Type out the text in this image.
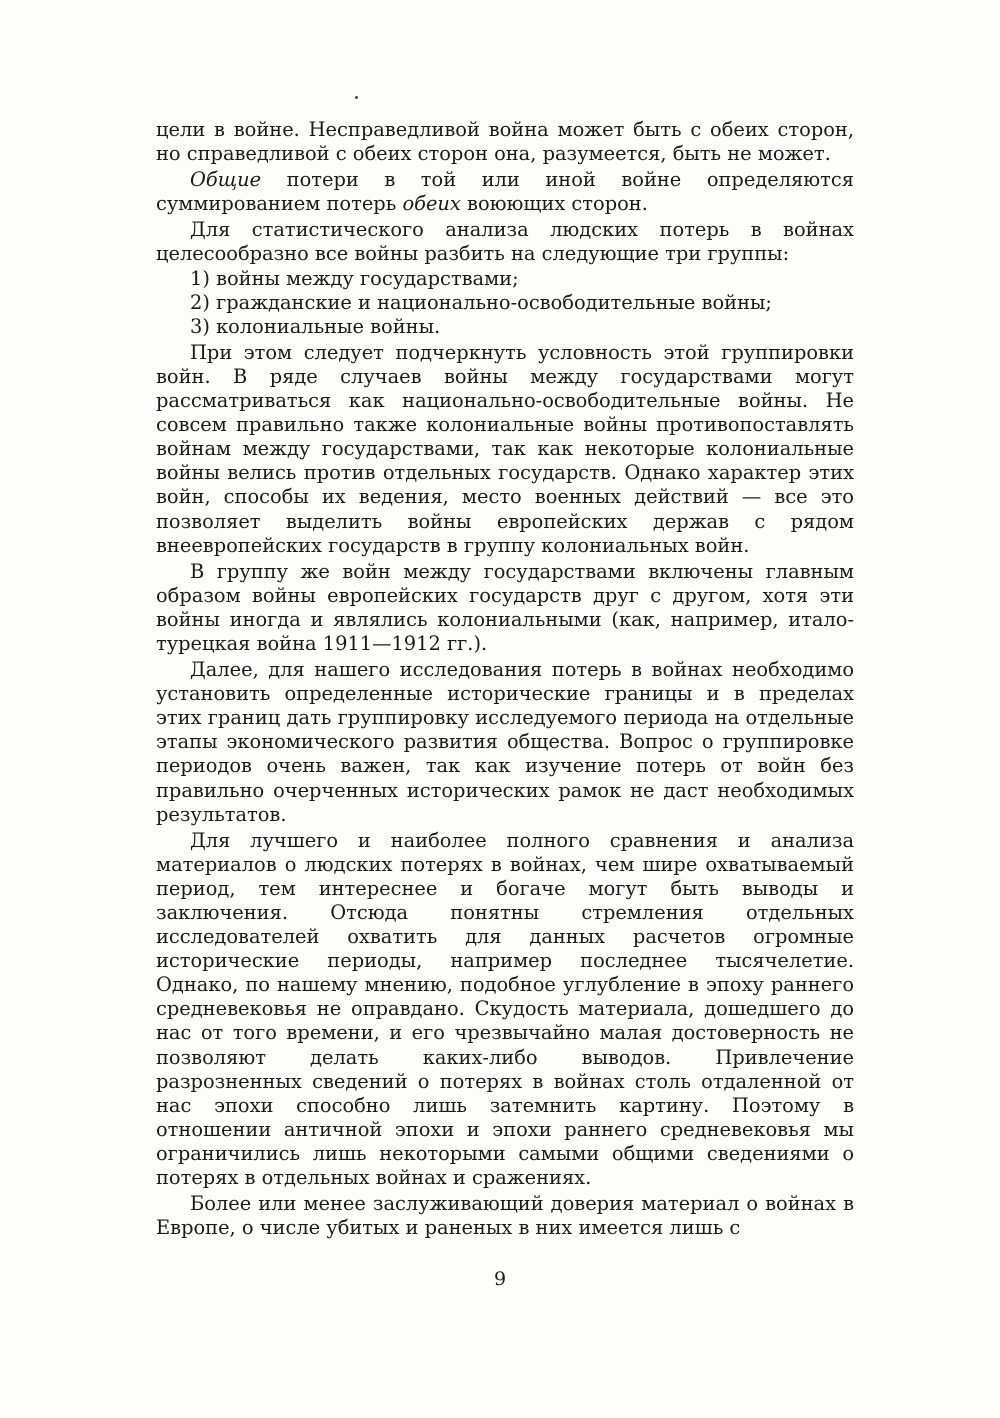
цели в войне. Несправедливой война может быть с обеих сторон, но справедливой с обеих сторон она, разумеется, быть не может.

Общие потери в той или иной войне определяются суммированием потерь обеих воюющих сторон.

Для статистического анализа людских потерь в войнах целесообразно все войны разбить на следующие три группы:

1) войны между государствами;

2) гражданские и национально-освободительные войны;

3) колониальные войны.

При этом следует подчеркнуть условность этой группировки войн. В ряде случаев войны между государствами могут рассматриваться как национально-освободительные войны. Не совсем правильно также колониальные войны противопоставлять войнам между государствами, так как некоторые колониальные войны велись против отдельных государств. Однако характер этих войн, способы их ведения, место военных действий — все это позволяет выделить войны европейских держав с рядом внеевропейских государств в группу колониальных войн.

В группу же войн между государствами включены главным образом войны европейских государств друг с другом, хотя эти войны иногда и являлись колониальными (как, например, итало-турецкая война 1911—1912 гг.).

Далее, для нашего исследования потерь в войнах необходимо установить определенные исторические границы и в пределах этих границ дать группировку исследуемого периода на отдельные этапы экономического развития общества. Вопрос о группировке периодов очень важен, так как изучение потерь от войн без правильно очерченных исторических рамок не даст необходимых результатов.

Для лучшего и наиболее полного сравнения и анализа материалов о людских потерях в войнах, чем шире охватываемый период, тем интереснее и богаче могут быть выводы и заключения. Отсюда понятны стремления отдельных исследователей охватить для данных расчетов огромные исторические периоды, например последнее тысячелетие. Однако, по нашему мнению, подобное углубление в эпоху раннего средневековья не оправдано. Скудость материала, дошедшего до нас от того времени, и его чрезвычайно малая достоверность не позволяют делать каких-либо выводов. Привлечение разрозненных сведений о потерях в войнах столь отдаленной от нас эпохи способно лишь затемнить картину. Поэтому в отношении античной эпохи и эпохи раннего средневековья мы ограничились лишь некоторыми самыми общими сведениями о потерях в отдельных войнах и сражениях.

Более или менее заслуживающий доверия материал о войнах в Европе, о числе убитых и раненых в них имеется лишь с

9
